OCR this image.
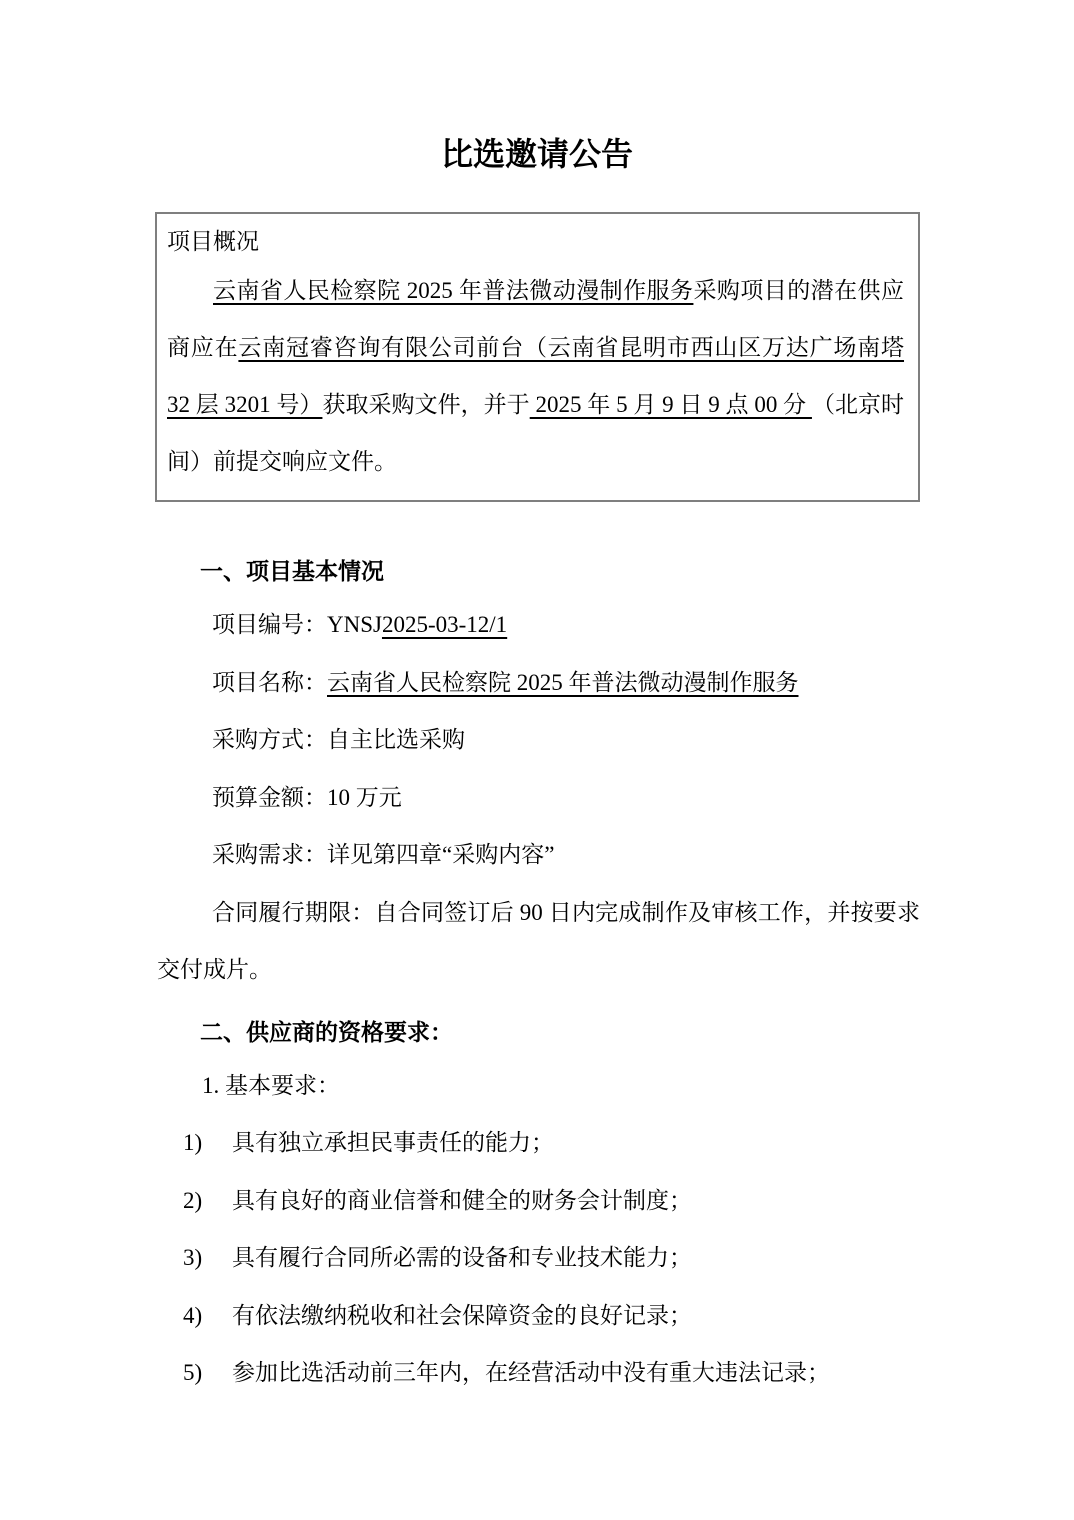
比选邀请公告
项目概况

云南省人民检察院 2025 年普法微动漫制作服务采购项目的潜在供应商应在云南冠睿咨询有限公司前台（云南省昆明市西山区万达广场南塔 32 层 3201 号）获取采购文件，并于 2025 年 5 月 9 日 9 点 00 分 （北京时间）前提交响应文件。

一、项目基本情况

项目编号：YNSJ2025-03-12/1

项目名称：云南省人民检察院 2025 年普法微动漫制作服务

采购方式：自主比选采购

预算金额：10 万元

采购需求：详见第四章“采购内容”

合同履行期限：自合同签订后 90 日内完成制作及审核工作，并按要求交付成片。

二、供应商的资格要求：

1. 基本要求：

1) 具有独立承担民事责任的能力；

2) 具有良好的商业信誉和健全的财务会计制度；

3) 具有履行合同所必需的设备和专业技术能力；

4) 有依法缴纳税收和社会保障资金的良好记录；

5) 参加比选活动前三年内，在经营活动中没有重大违法记录；
